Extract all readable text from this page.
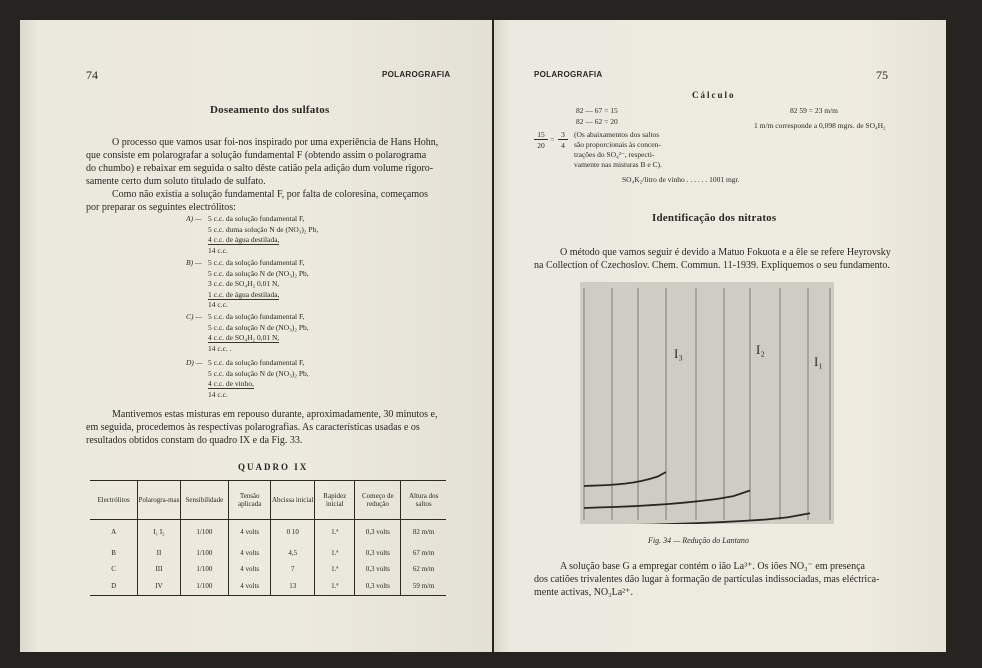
74	POLAROGRAFIA
Doseamento dos sulfatos
O processo que vamos usar foi-nos inspirado por uma experiência de Hans Hohn,
que consiste em polarografar a solução fundamental F (obtendo assim o polarograma
do chumbo) e rebaixar em seguida o salto dêste catião pela adição dum volume rigoro-
samente certo dum soluto titulado de sulfato.
Como não existia a solução fundamental F, por falta de coloresina, começamos
por preparar os seguintes electrólitos:
A) — 5 c.c. da solução fundamental F,
5 c.c. duma solução N de (NO₃)₂ Pb,
4 c.c. de água destilada,
14 c.c.
B) — 5 c.c. da solução fundamental F,
5 c.c. da solução N de (NO₃)₂ Pb,
3 c.c. de SO₄H₂ 0,01 N,
1 c.c. de água destilada,
14 c.c.
C) — 5 c.c. da solução fundamental F,
5 c.c. da solução N de (NO₃)₂ Pb,
4 c.c. de SO₄H₂ 0,01 N,
14 c.c. .
D) — 5 c.c. da solução fundamental F,
5 c.c. da solução N de (NO₃)₂ Pb,
4 c.c. de vinho,
14 c.c.
Mantivemos estas misturas em repouso durante, aproximadamente, 30 minutos e,
em seguida, procedemos às respectivas polarografias. As características usadas e os
resultados obtidos constam do quadro IX e da Fig. 33.
QUADRO IX
Electrólitos	Polarogra-mas	Sensibilidade	Tensão aplicada	Abcissa inicial	Rapidez inicial	Começo de redução	Altura dos saltos
A	I₁ I₂	1/100	4 volts	0 10	1.ª	0,3 volts	82 m/m
B	II	1/100	4 volts	4,5	1.ª	0,3 volts	67 m/m
C	III	1/100	4 volts	7	1.ª	0,3 volts	62 m/m
D	IV	1/100	4 volts	13	1.ª	0,3 volts	59 m/m
POLAROGRAFIA	75
Cálculo
82 — 67 = 15
82 — 62 = 20
82 59 = 23 m/m
1 m/m corresponde a 0,098 mgrs. de SO₄H₂
15
20
=
3
4
(Os abaixamentos dos saltos
são proporcionais às concen-
trações do SO₄²⁻, respecti-
vamente nas misturas B e C).
SO₄K₂/litro de vinho . . . . . . 1001 mgr.
Identificação dos nitratos
O método que vamos seguir é devido a Matuo Fokuota e a êle se refere Heyrovsky
na Collection of Czechoslov. Chem. Commun. 11-1939. Expliquemos o seu fundamento.
I₃	I₂
I₁
Fig. 34 — Redução do Lantano
A solução base G a empregar contém o ião La³⁺. Os iões NO₃⁻ em presença
dos catiões trivalentes dão lugar à formação de partículas indissociadas, mas eléctrica-
mente activas, NO₃La²⁺.
